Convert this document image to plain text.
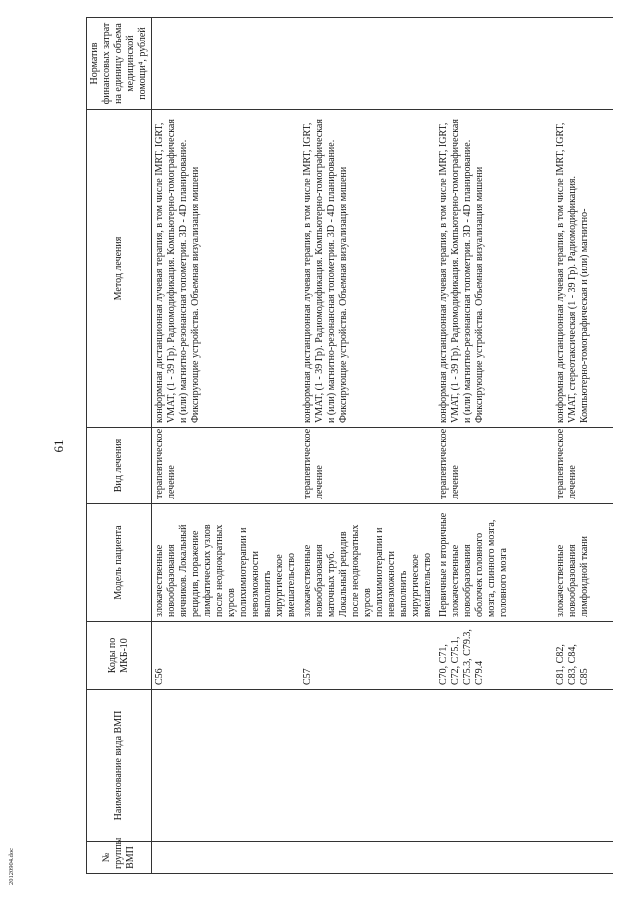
61
№ группы ВМП	Наименование вида ВМП	Коды по МКБ-10	Модель пациента	Вид лечения	Метод лечения	Норматив финансовых затрат на единицу объема медицинской помощи⁴, рублей
		C56	злокачественные новообразования яичников. Локальный рецидив, поражение лимфатических узлов после неоднократных курсов полихимиотерапии и невозможности выполнить хирургическое вмешательство	терапевтическое лечение	конформная дистанционная лучевая терапия, в том числе IMRT, IGRT, VMAT, (1 - 39 Гр). Радиомодификация. Компьютерно-томографическая и (или) магнитно-резонансная топометрия. 3D - 4D планирование. Фиксирующие устройства. Объемная визуализация мишени	
		C57	злокачественные новообразования маточных труб. Локальный рецидив после неоднократных курсов полихимиотерапии и невозможности выполнить хирургическое вмешательство	терапевтическое лечение	конформная дистанционная лучевая терапия, в том числе IMRT, IGRT, VMAT, (1 - 39 Гр). Радиомодификация. Компьютерно-томографическая и (или) магнитно-резонансная топометрия. 3D - 4D планирование. Фиксирующие устройства. Объемная визуализация мишени	
		C70, C71, C72, C75.1, C75.3, C79.3, C79.4	Первичные и вторичные злокачественные новообразования оболочек головного мозга, спинного мозга, головного мозга	терапевтическое лечение	конформная дистанционная лучевая терапия, в том числе IMRT, IGRT, VMAT, (1 - 39 Гр). Радиомодификация. Компьютерно-томографическая и (или) магнитно-резонансная топометрия. 3D - 4D планирование. Фиксирующие устройства. Объемная визуализация мишени	
		C81, C82, C83, C84, C85	злокачественные новообразования лимфоидной ткани	терапевтическое лечение	конформная дистанционная лучевая терапия, в том числе IMRT, IGRT, VMAT, стереотаксическая (1 - 39 Гр). Радиомодификация. Компьютерно-томографическая и (или) магнитно-	
20120904.doc
